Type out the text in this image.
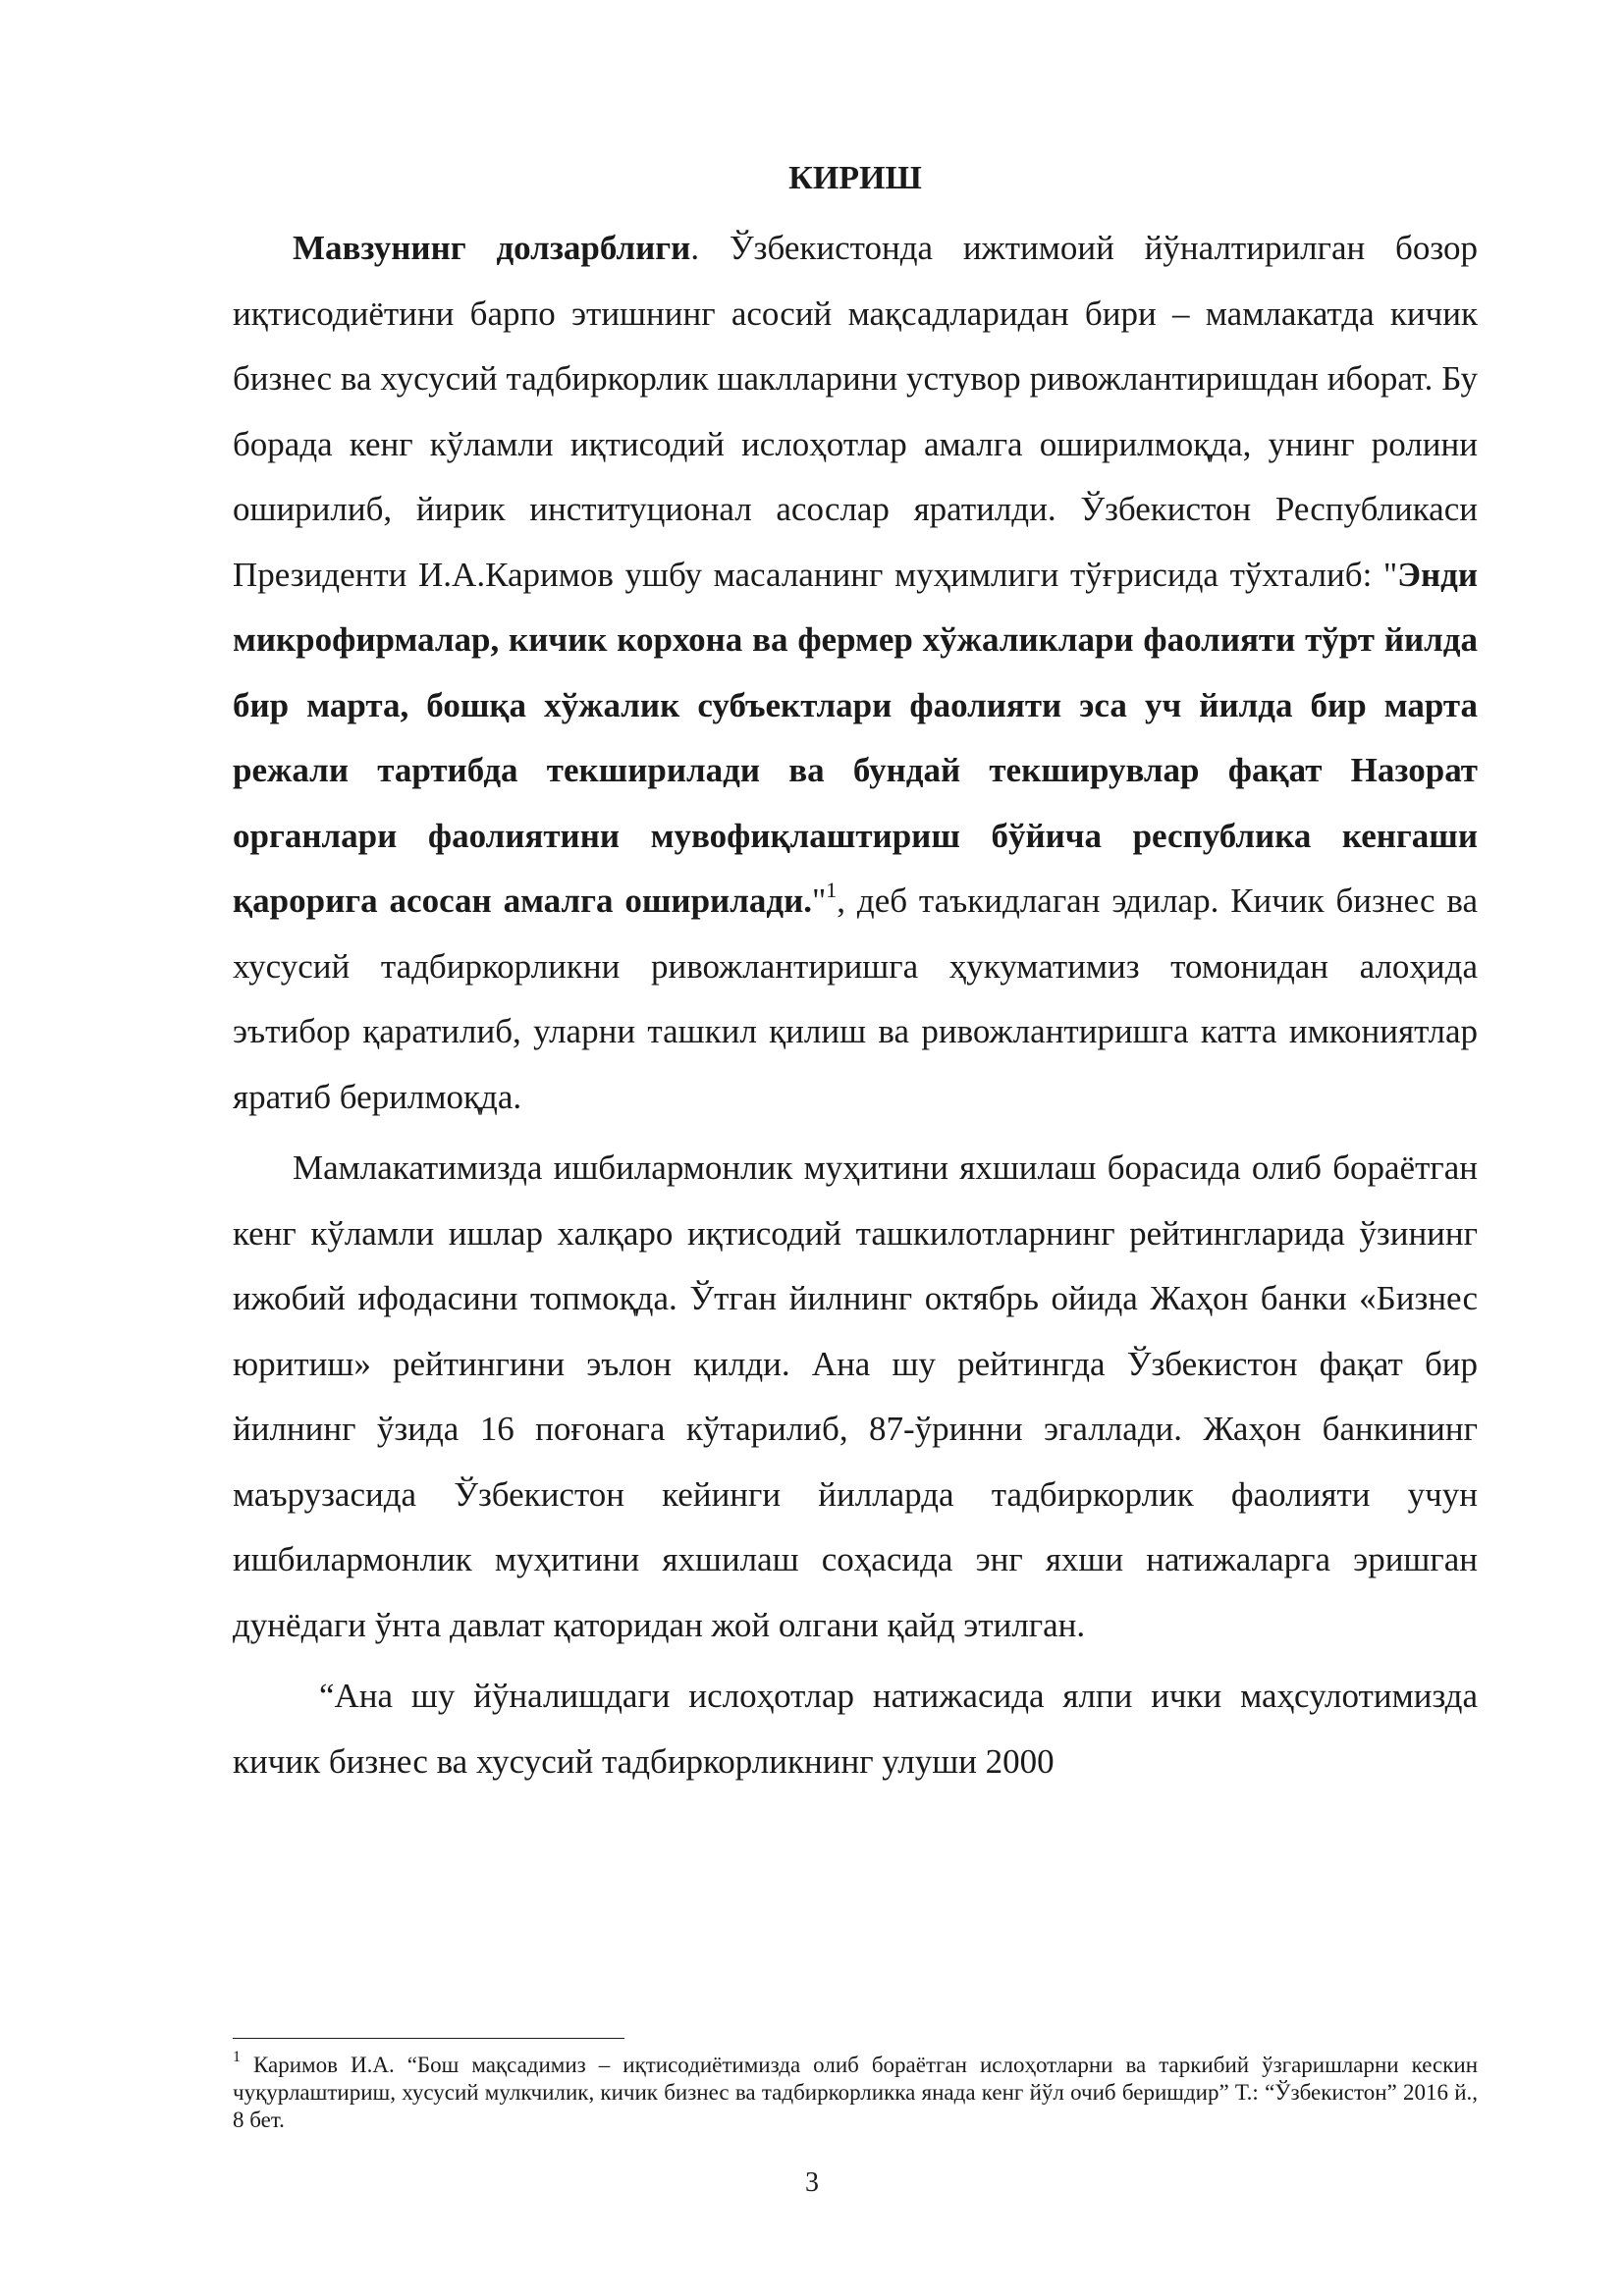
КИРИШ

Мавзунинг долзарблиги. Ўзбекистонда ижтимоий йўналтирилган бозор иқтисодиётини барпо этишнинг асосий мақсадларидан бири – мамлакатда кичик бизнес ва хусусий тадбиркорлик шаклларини устувор ривожлантиришдан иборат. Бу борада кенг кўламли иқтисодий ислоҳотлар амалга оширилмоқда, унинг ролини оширилиб, йирик институционал асослар яратилди. Ўзбекистон Республикаси Президенти И.А.Каримов ушбу масаланинг муҳимлиги тўғрисида тўхталиб: "Энди микрофирмалар, кичик корхона ва фермер хўжаликлари фаолияти тўрт йилда бир марта, бошқа хўжалик субъектлари фаолияти эса уч йилда бир марта режали тартибда текширилади ва бундай текширувлар фақат Назорат органлари фаолиятини мувофиқлаштириш бўйича республика кенгаши қарорига асосан амалга оширилади."$^1$, деб таъкидлаган эдилар. Кичик бизнес ва хусусий тадбиркорликни ривожлантиришга ҳукуматимиз томонидан алоҳида эътибор қаратилиб, уларни ташкил қилиш ва ривожлантиришга катта имкониятлар яратиб берилмоқда.

Мамлакатимизда ишбилармонлик муҳитини яхшилаш борасида олиб бораётган кенг кўламли ишлар халқаро иқтисодий ташкилотларнинг рейтингларида ўзининг ижобий ифодасини топмоқда. Ўтган йилнинг октябрь ойида Жаҳон банки «Бизнес юритиш» рейтингини эълон қилди. Ана шу рейтингда Ўзбекистон фақат бир йилнинг ўзида 16 поғонага кўтарилиб, 87-ўринни эгаллади. Жаҳон банкининг маърузасида Ўзбекистон кейинги йилларда тадбиркорлик фаолияти учун ишбилармонлик муҳитини яхшилаш соҳасида энг яхши натижаларга эришган дунёдаги ўнта давлат қаторидан жой олгани қайд этилган.

“Ана шу йўналишдаги ислоҳотлар натижасида ялпи ички маҳсулотимизда кичик бизнес ва хусусий тадбиркорликнинг улуши 2000

$^1$ Каримов И.А. “Бош мақсадимиз – иқтисодиётимизда олиб бораётган ислоҳотларни ва таркибий ўзгаришларни кескин чуқурлаштириш, хусусий мулкчилик, кичик бизнес ва тадбиркорликка янада кенг йўл очиб беришдир” Т.: “Ўзбекистон” 2016 й., 8 бет.

3
